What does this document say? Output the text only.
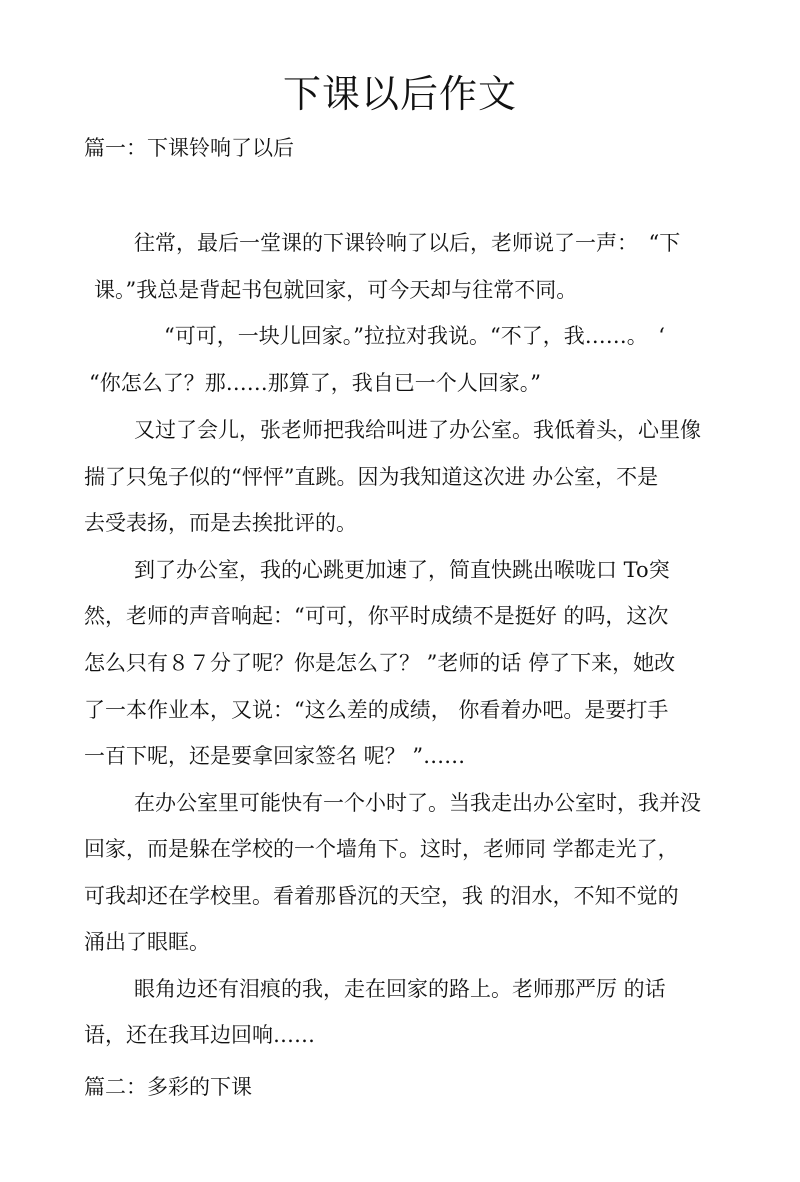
下课以后作文
篇一：下课铃响了以后
往常，最后一堂课的下课铃响了以后，老师说了一声：　“下
课。”我总是背起书包就回家，可今天却与往常不同。
“可可，一块儿回家。”拉拉对我说。“不了，我……。　‘
“你怎么了？那……那算了，我自已一个人回家。”
又过了会儿，张老师把我给叫进了办公室。我低着头，心里像
揣了只兔子似的“怦怦”直跳。因为我知道这次进 办公室，不是
去受表扬，而是去挨批评的。
到了办公室，我的心跳更加速了，简直快跳出喉咙口 To突
然，老师的声音响起：“可可，你平时成绩不是挺好 的吗，这次
怎么只有８７分了呢？你是怎么了？ ”老师的话 停了下来，她改
了一本作业本，又说：“这么差的成绩， 你看着办吧。是要打手
一百下呢，还是要拿回家签名 呢？ ”……
在办公室里可能快有一个小时了。当我走出办公室时，我并没
回家，而是躲在学校的一个墙角下。这时，老师同 学都走光了，
可我却还在学校里。看着那昏沉的天空，我 的泪水，不知不觉的
涌出了眼眶。
眼角边还有泪痕的我，走在回家的路上。老师那严厉 的话
语，还在我耳边回响……
篇二：多彩的下课
